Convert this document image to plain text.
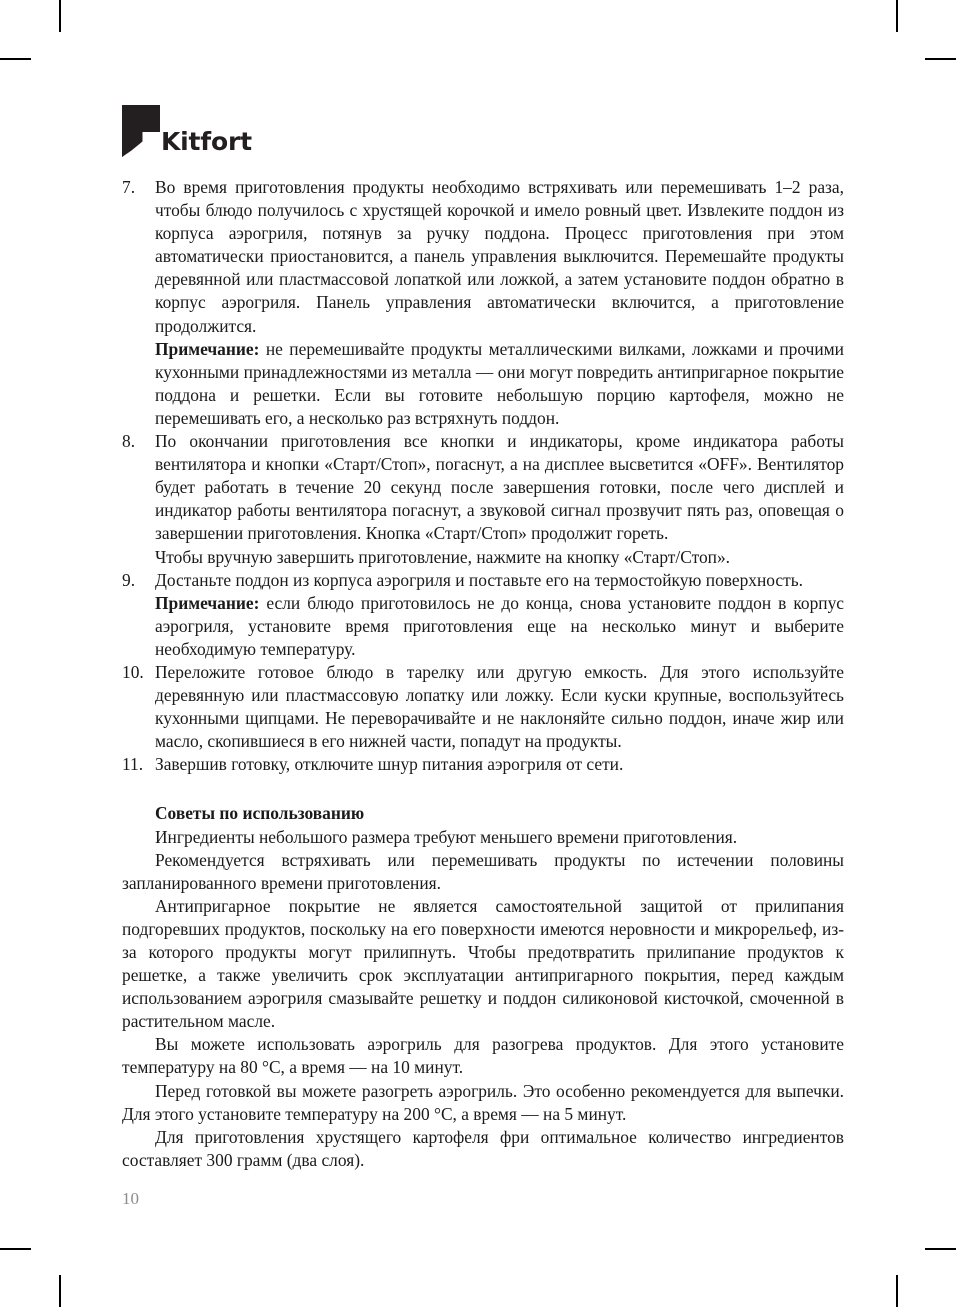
Kitfort
7.	Во время приготовления продукты необходимо встряхивать или перемешивать 1–2 раза, чтобы блюдо получилось с хрустящей корочкой и имело ровный цвет. Извлеките поддон из корпуса аэрогриля, потянув за ручку поддона. Процесс приготовления при этом автоматически приостановится, а панель управления выключится. Перемешайте продукты деревянной или пластмассовой лопаткой или ложкой, а затем установите поддон обратно в корпус аэрогриля. Панель управления автоматически включится, а приготовление продолжится.

Примечание: не перемешивайте продукты металлическими вилками, ложками и прочими кухонными принадлежностями из металла — они могут повредить антипригарное покрытие поддона и решетки. Если вы готовите небольшую порцию картофеля, можно не перемешивать его, а несколько раз встряхнуть поддон.

8.	По окончании приготовления все кнопки и индикаторы, кроме индикатора работы вентилятора и кнопки «Старт/Стоп», погаснут, а на дисплее высветится «OFF». Вентилятор будет работать в течение 20 секунд после завершения готовки, после чего дисплей и индикатор работы вентилятора погаснут, а звуковой сигнал прозвучит пять раз, оповещая о завершении приготовления. Кнопка «Старт/Стоп» продолжит гореть.

Чтобы вручную завершить приготовление, нажмите на кнопку «Старт/Стоп».

9.	Достаньте поддон из корпуса аэрогриля и поставьте его на термостойкую поверхность.

Примечание: если блюдо приготовилось не до конца, снова установите поддон в корпус аэрогриля, установите время приготовления еще на несколько минут и выберите необходимую температуру.

10. Переложите готовое блюдо в тарелку или другую емкость. Для этого используйте деревянную или пластмассовую лопатку или ложку. Если куски крупные, воспользуйтесь кухонными щипцами. Не переворачивайте и не наклоняйте сильно поддон, иначе жир или масло, скопившиеся в его нижней части, попадут на продукты.

11. Завершив готовку, отключите шнур питания аэрогриля от сети.

Советы по использованию

Ингредиенты небольшого размера требуют меньшего времени приготовления.

Рекомендуется встряхивать или перемешивать продукты по истечении половины запланированного времени приготовления.

Антипригарное покрытие не является самостоятельной защитой от прилипания подгоревших продуктов, поскольку на его поверхности имеются неровности и микрорельеф, из-за которого продукты могут прилипнуть. Чтобы предотвратить прилипание продуктов к решетке, а также увеличить срок эксплуатации антипригарного покрытия, перед каждым использованием аэрогриля смазывайте решетку и поддон силиконовой кисточкой, смоченной в растительном масле.

Вы можете использовать аэрогриль для разогрева продуктов. Для этого установите температуру на 80 °C, а время — на 10 минут.

Перед готовкой вы можете разогреть аэрогриль. Это особенно рекомендуется для выпечки. Для этого установите температуру на 200 °C, а время — на 5 минут.

Для приготовления хрустящего картофеля фри оптимальное количество ингредиентов составляет 300 грамм (два слоя).

10
